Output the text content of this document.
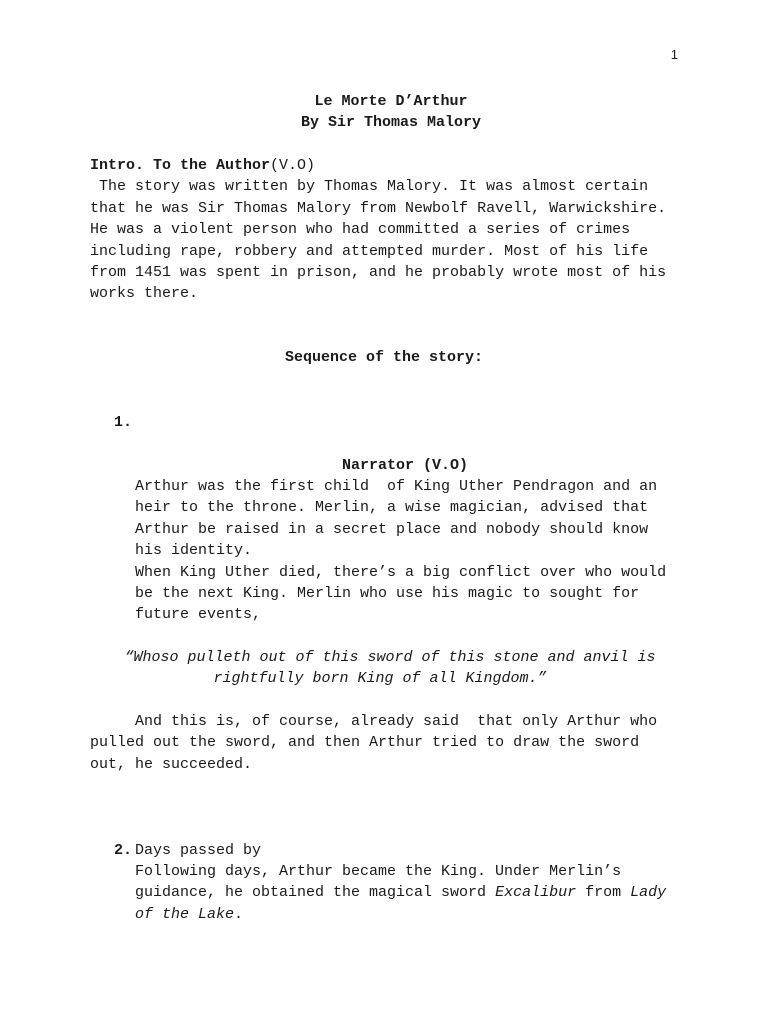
1
Le Morte D’Arthur
By Sir Thomas Malory
Intro. To the Author(V.O)
The story was written by Thomas Malory. It was almost certain
that he was Sir Thomas Malory from Newbolf Ravell, Warwickshire.
He was a violent person who had committed a series of crimes
including rape, robbery and attempted murder. Most of his life
from 1451 was spent in prison, and he probably wrote most of his
works there.
Sequence of the story:
1.
Narrator (V.O)
Arthur was the first child  of King Uther Pendragon and an
heir to the throne. Merlin, a wise magician, advised that
Arthur be raised in a secret place and nobody should know
his identity.
When King Uther died, there’s a big conflict over who would
be the next King. Merlin who use his magic to sought for
future events,
“Whoso pulleth out of this sword of this stone and anvil is
rightfully born King of all Kingdom.”
And this is, of course, already said  that only Arthur who
pulled out the sword, and then Arthur tried to draw the sword
out, he succeeded.
2. Days passed by
Following days, Arthur became the King. Under Merlin’s
guidance, he obtained the magical sword Excalibur from Lady
of the Lake.
